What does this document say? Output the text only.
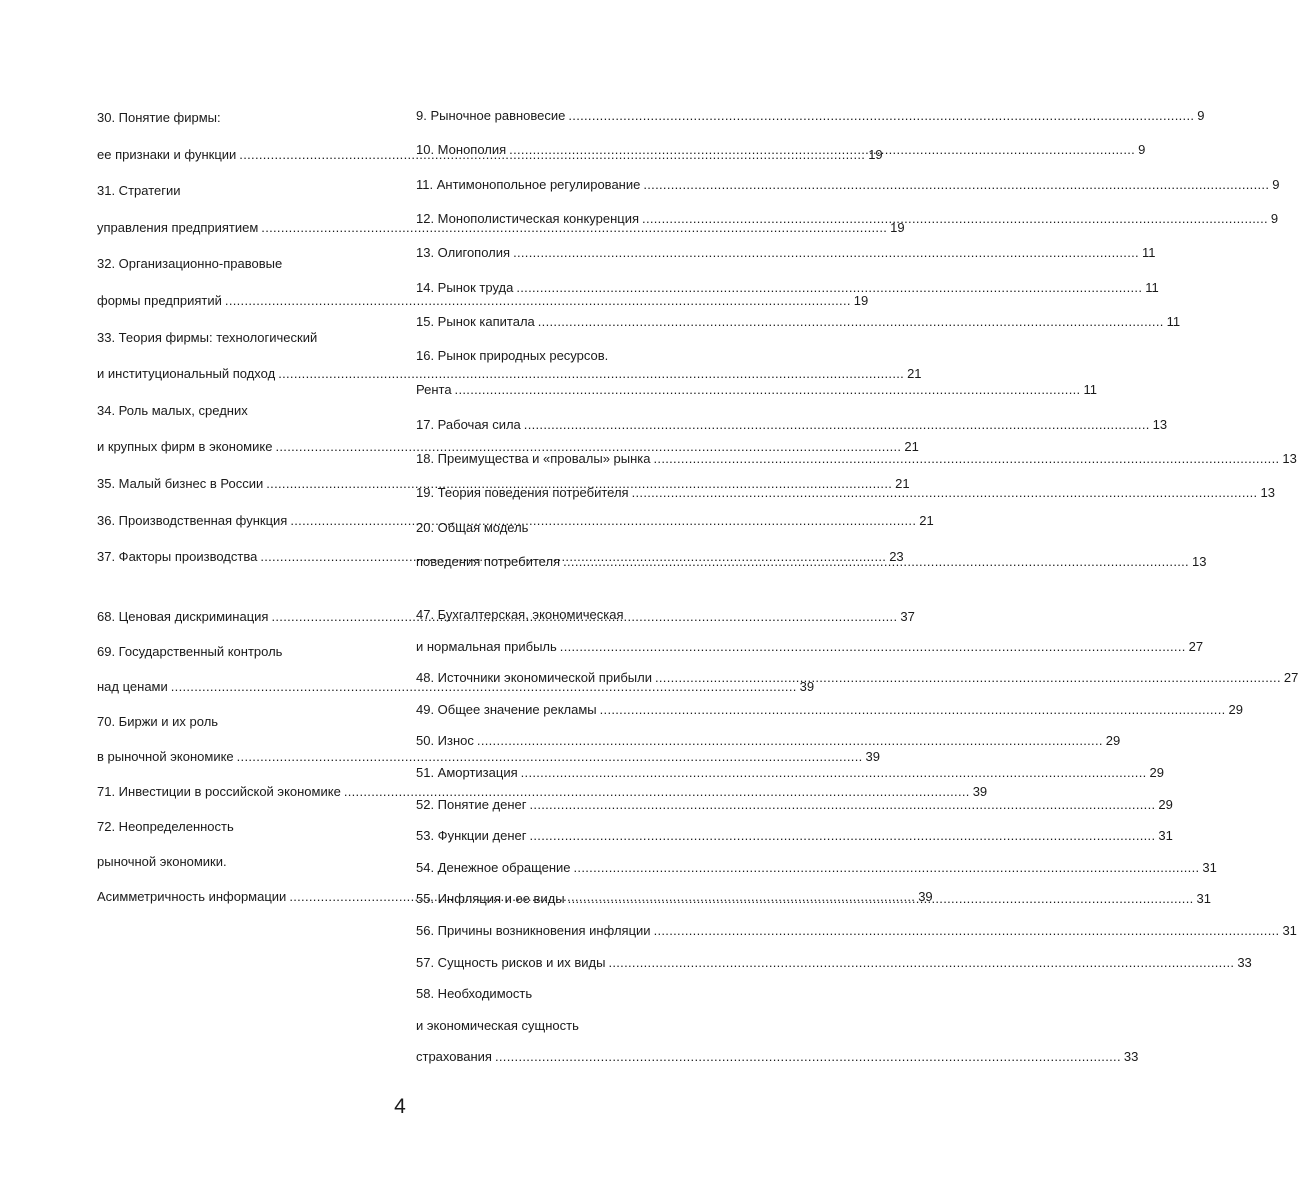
30. Понятие фирмы:
ее признаки и функции .....	19
31. Стратегии
управления предприятием .....	19
32. Организационно-правовые
формы предприятий .....	19
33. Теория фирмы: технологический
и институциональный подход .....	21
34. Роль малых, средних
и крупных фирм в экономике .....	21
35. Малый бизнес в России .....	21
36. Производственная функция .....	21
37. Факторы производства .....	23
9. Рыночное равновесие .....	9
10. Монополия .....	9
11. Антимонопольное регулирование .....	9
12. Монополистическая конкуренция .....	9
13. Олигополия .....	11
14. Рынок труда .....	11
15. Рынок капитала .....	11
16. Рынок природных ресурсов.
Рента .....	11
17. Рабочая сила .....	13
18. Преимущества и «провалы» рынка .....	13
19. Теория поведения потребителя .....	13
20. Общая модель
поведения потребителя .....	13
68. Ценовая дискриминация .....	37
69. Государственный контроль
над ценами .....	39
70. Биржи и их роль
в рыночной экономике .....	39
71. Инвестиции в российской экономике .....	39
72. Неопределенность
рыночной экономики.
Асимметричность информации .....	39
47. Бухгалтерская, экономическая
и нормальная прибыль .....	27
48. Источники экономической прибыли .....	27
49. Общее значение рекламы .....	29
50. Износ .....	29
51. Амортизация .....	29
52. Понятие денег .....	29
53. Функции денег .....	31
54. Денежное обращение .....	31
55. Инфляция и ее виды .....	31
56. Причины возникновения инфляции .....	31
57. Сущность рисков и их виды .....	33
58. Необходимость
и экономическая сущность
страхования .....	33
4
